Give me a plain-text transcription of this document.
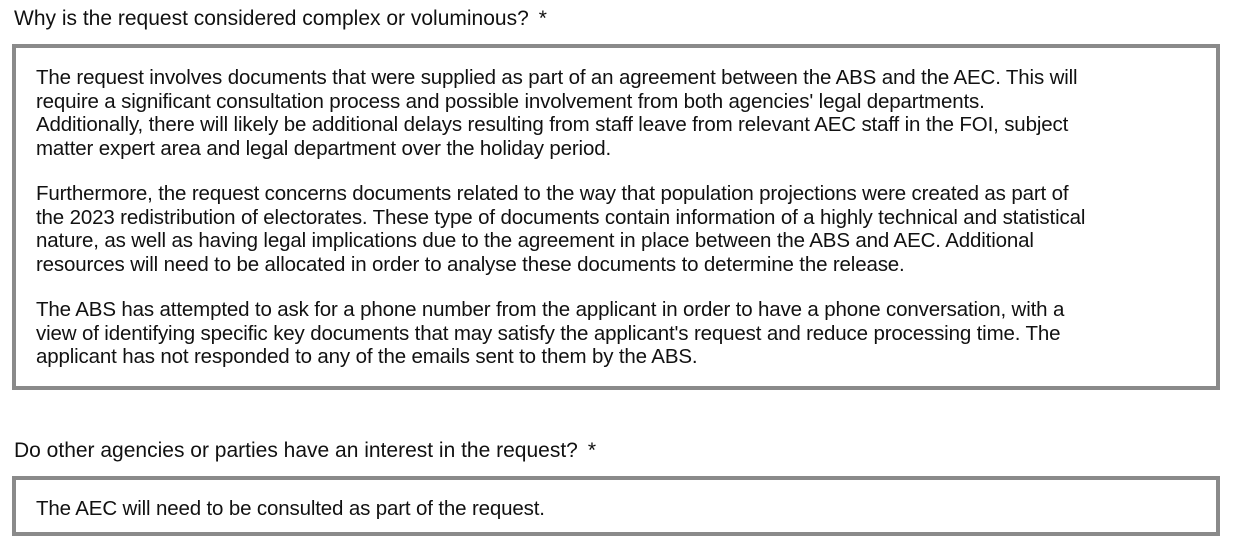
Why is the request considered complex or voluminous? *

The request involves documents that were supplied as part of an agreement between the ABS and the AEC. This will
require a significant consultation process and possible involvement from both agencies' legal departments.
Additionally, there will likely be additional delays resulting from staff leave from relevant AEC staff in the FOI, subject
matter expert area and legal department over the holiday period.

Furthermore, the request concerns documents related to the way that population projections were created as part of
the 2023 redistribution of electorates. These type of documents contain information of a highly technical and statistical
nature, as well as having legal implications due to the agreement in place between the ABS and AEC. Additional
resources will need to be allocated in order to analyse these documents to determine the release.

The ABS has attempted to ask for a phone number from the applicant in order to have a phone conversation, with a
view of identifying specific key documents that may satisfy the applicant's request and reduce processing time. The
applicant has not responded to any of the emails sent to them by the ABS.

Do other agencies or parties have an interest in the request? *

The AEC will need to be consulted as part of the request.
